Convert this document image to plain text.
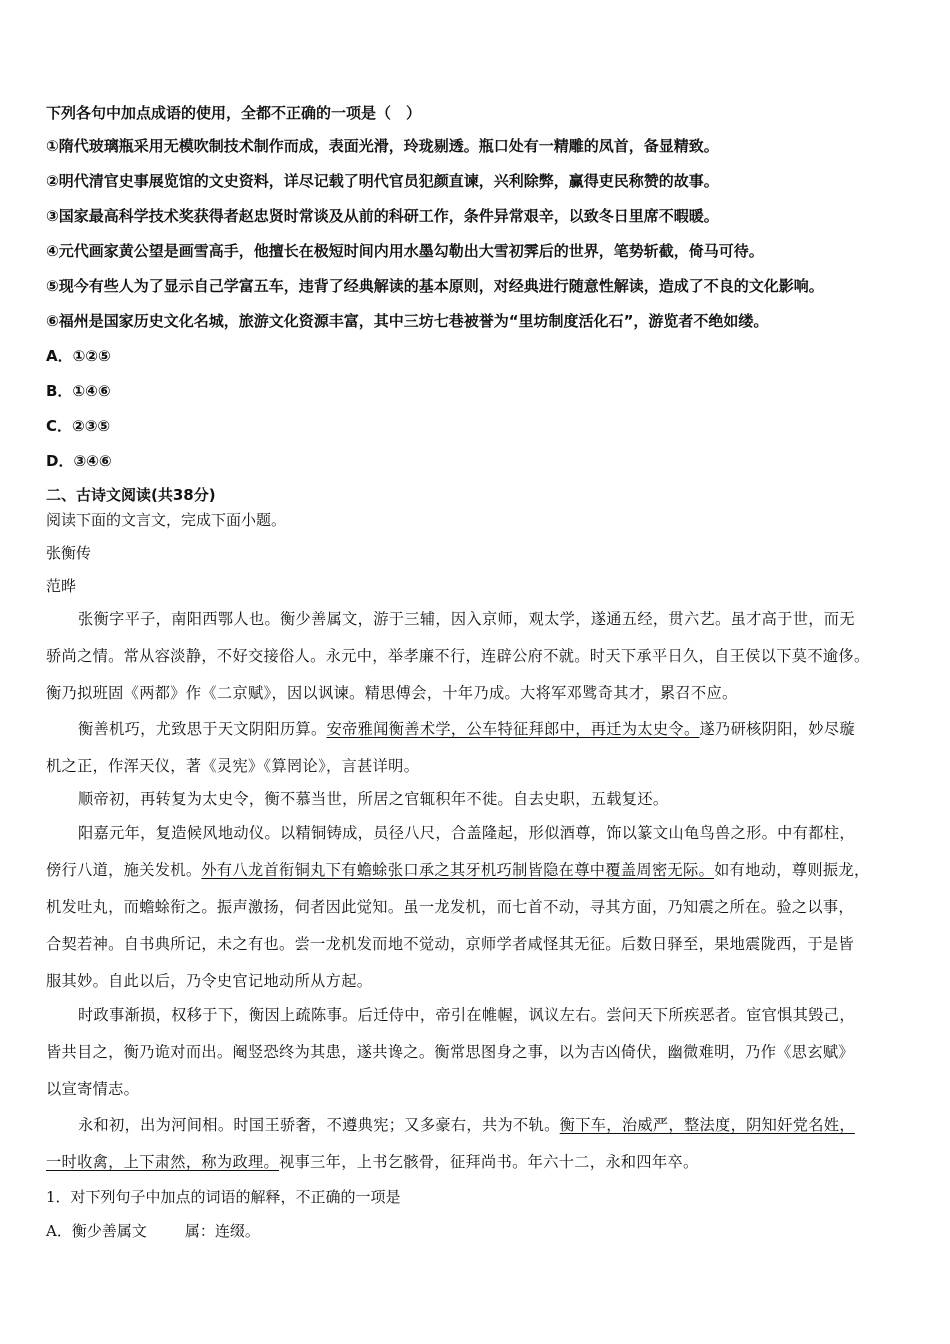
下列各句中加点成语的使用，全都不正确的一项是（　）
①隋代玻璃瓶采用无模吹制技术制作而成，表面光滑，玲珑剔透。瓶口处有一精雕的凤首，备显精致。
②明代清官史事展览馆的文史资料，详尽记载了明代官员犯颜直谏，兴利除弊，赢得吏民称赞的故事。
③国家最高科学技术奖获得者赵忠贤时常谈及从前的科研工作，条件异常艰辛，以致冬日里席不暇暖。
④元代画家黄公望是画雪高手，他擅长在极短时间内用水墨勾勒出大雪初霁后的世界，笔势斩截，倚马可待。
⑤现今有些人为了显示自己学富五车，违背了经典解读的基本原则，对经典进行随意性解读，造成了不良的文化影响。
⑥福州是国家历史文化名城，旅游文化资源丰富，其中三坊七巷被誉为“里坊制度活化石”，游览者不绝如缕。
A．①②⑤
B．①④⑥
C．②③⑤
D．③④⑥
二、古诗文阅读(共38分)
阅读下面的文言文，完成下面小题。
张衡传
范晔
张衡字平子，南阳西鄂人也。衡少善属文，游于三辅，因入京师，观太学，遂通五经，贯六艺。虽才高于世，而无
骄尚之情。常从容淡静，不好交接俗人。永元中，举孝廉不行，连辟公府不就。时天下承平日久，自王侯以下莫不逾侈。
衡乃拟班固《两都》作《二京赋》，因以讽谏。精思傅会，十年乃成。大将军邓骘奇其才，累召不应。
衡善机巧，尤致思于天文阴阳历算。安帝雅闻衡善术学，公车特征拜郎中，再迁为太史令。遂乃研核阴阳，妙尽璇
机之正，作浑天仪，著《灵宪》《算罔论》，言甚详明。
顺帝初，再转复为太史令，衡不慕当世，所居之官辄积年不徙。自去史职，五载复还。
阳嘉元年，复造候风地动仪。以精铜铸成，员径八尺，合盖隆起，形似酒尊，饰以篆文山龟鸟兽之形。中有都柱，
傍行八道，施关发机。外有八龙首衔铜丸下有蟾蜍张口承之其牙机巧制皆隐在尊中覆盖周密无际。如有地动，尊则振龙，
机发吐丸，而蟾蜍衔之。振声激扬，伺者因此觉知。虽一龙发机，而七首不动，寻其方面，乃知震之所在。验之以事，
合契若神。自书典所记，未之有也。尝一龙机发而地不觉动，京师学者咸怪其无征。后数日驿至，果地震陇西，于是皆
服其妙。自此以后，乃令史官记地动所从方起。
时政事渐损，权移于下，衡因上疏陈事。后迁侍中，帝引在帷幄，讽议左右。尝问天下所疾恶者。宦官惧其毁己，
皆共目之，衡乃诡对而出。阉竖恐终为其患，遂共谗之。衡常思图身之事，以为吉凶倚伏，幽微难明，乃作《思玄赋》
以宣寄情志。
永和初，出为河间相。时国王骄奢，不遵典宪；又多豪右，共为不轨。衡下车，治威严，整法度，阴知奸党名姓，
一时收禽，上下肃然，称为政理。视事三年，上书乞骸骨，征拜尚书。年六十二，永和四年卒。
1．对下列句子中加点的词语的解释，不正确的一项是
A．衡少善属文	属：连缀。
